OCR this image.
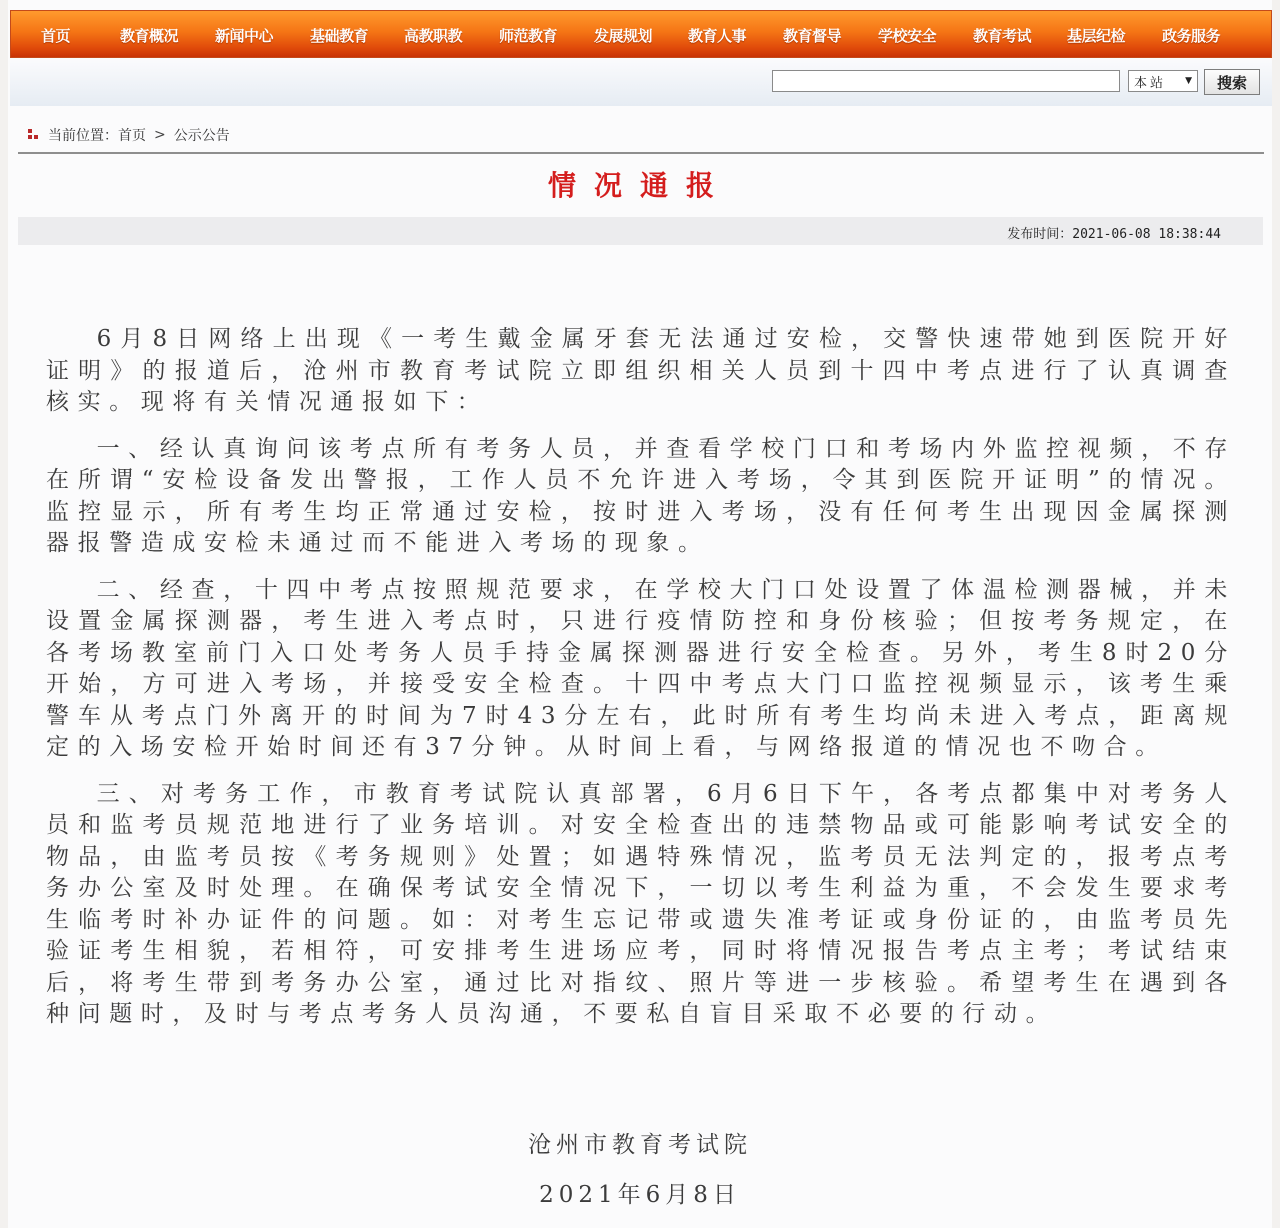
首页	教育概况 新闻中心 基础教育 高教职教 师范教育 发展规划 教育人事 教育督导 学校安全 教育考试 基层纪检 政务服务
本站 ▼	搜索
当前位置： 首页 > 公示公告
情况通报
发布时间：2021-06-08 18:38:44

6月8日网络上出现《一考生戴金属牙套无法通过安检，交警快速带她到医院开好证明》的报道后，沧州市教育考试院立即组织相关人员到十四中考点进行了认真调查核实。现将有关情况通报如下：

一、经认真询问该考点所有考务人员，并查看学校门口和考场内外监控视频，不存在所谓“安检设备发出警报，工作人员不允许进入考场，令其到医院开证明”的情况。监控显示，所有考生均正常通过安检，按时进入考场，没有任何考生出现因金属探测器报警造成安检未通过而不能进入考场的现象。

二、经查，十四中考点按照规范要求，在学校大门口处设置了体温检测器械，并未设置金属探测器，考生进入考点时，只进行疫情防控和身份核验；但按考务规定，在各考场教室前门入口处考务人员手持金属探测器进行安全检查。另外，考生8时20分开始，方可进入考场，并接受安全检查。十四中考点大门口监控视频显示，该考生乘警车从考点门外离开的时间为7时43分左右，此时所有考生均尚未进入考点，距离规定的入场安检开始时间还有37分钟。从时间上看，与网络报道的情况也不吻合。

三、对考务工作，市教育考试院认真部署，6月6日下午，各考点都集中对考务人员和监考员规范地进行了业务培训。对安全检查出的违禁物品或可能影响考试安全的物品，由监考员按《考务规则》处置；如遇特殊情况，监考员无法判定的，报考点考务办公室及时处理。在确保考试安全情况下，一切以考生利益为重，不会发生要求考生临考时补办证件的问题。如：对考生忘记带或遗失准考证或身份证的，由监考员先验证考生相貌，若相符，可安排考生进场应考，同时将情况报告考点主考；考试结束后，将考生带到考务办公室，通过比对指纹、照片等进一步核验。希望考生在遇到各种问题时，及时与考点考务人员沟通，不要私自盲目采取不必要的行动。

沧州市教育考试院
2021年6月8日
